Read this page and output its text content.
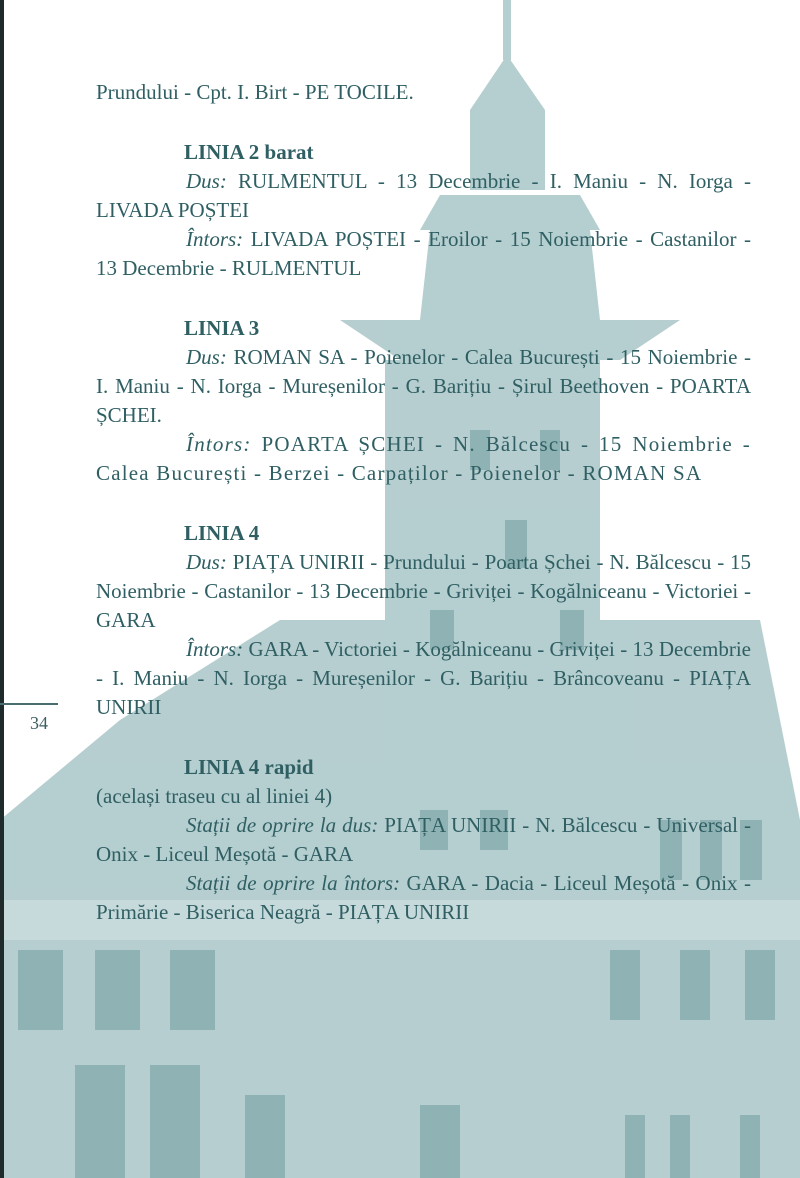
34

Prundului - Cpt. I. Birt - PE TOCILE.

LINIA 2 barat

Dus: RULMENTUL - 13 Decembrie - I. Maniu - N. Iorga - LIVADA POȘTEI

Întors: LIVADA POȘTEI - Eroilor - 15 Noiembrie - Castanilor - 13 Decembrie - RULMENTUL

LINIA 3

Dus: ROMAN SA - Poienelor - Calea București - 15 Noiembrie - I. Maniu - N. Iorga - Mureșenilor - G. Barițiu - Șirul Beethoven - POARTA ȘCHEI.

Întors: POARTA ȘCHEI - N. Bălcescu - 15 Noiembrie - Calea București - Berzei - Carpaților - Poienelor - ROMAN SA

LINIA 4

Dus: PIAȚA UNIRII - Prundului - Poarta Șchei - N. Bălcescu - 15 Noiembrie - Castanilor - 13 Decembrie - Griviței - Kogălniceanu - Victoriei - GARA

Întors: GARA - Victoriei - Kogălniceanu - Griviței - 13 Decembrie - I. Maniu - N. Iorga - Mureșenilor - G. Barițiu - Brâncoveanu - PIAȚA UNIRII

LINIA 4 rapid

(același traseu cu al liniei 4)

Stații de oprire la dus: PIAȚA UNIRII - N. Bălcescu - Universal - Onix - Liceul Meșotă - GARA

Stații de oprire la întors: GARA - Dacia - Liceul Meșotă - Onix - Primărie - Biserica Neagră - PIAȚA UNIRII
